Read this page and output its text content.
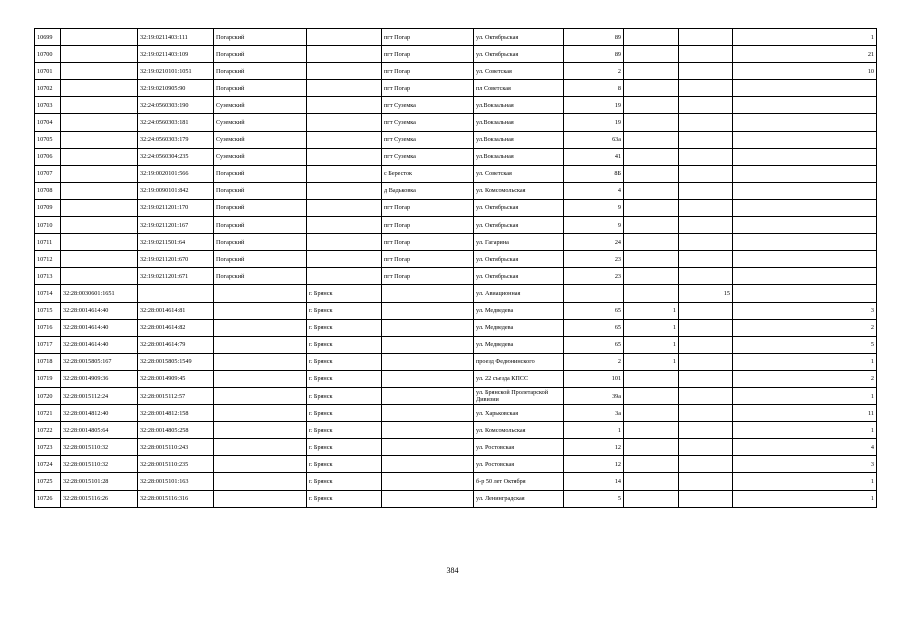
10699		32:19:0211403:111	Погарский		пгт Погар	ул. Октябрьская	89			1
10700		32:19:0211403:109	Погарский		пгт Погар	ул. Октябрьская	89			21
10701		32:19:0210101:1051	Погарский		пгт Погар	ул. Советская	2			10
10702		32:19:0210905:90	Погарский		пгт Погар	пл Советская	8			
10703		32:24:0560303:190	Суземский		пгт Суземка	ул.Вокзальная	19			
10704		32:24:0560303:181	Суземский		пгт Суземка	ул.Вокзальная	19			
10705		32:24:0560303:179	Суземский		пгт Суземка	ул.Вокзальная	63а			
10706		32:24:0560304:235	Суземский		пгт Суземка	ул.Вокзальная	41			
10707		32:19:0020101:566	Погарский		с Бересток	ул. Советская	8Б			
10708		32:19:0090101:842	Погарский		д Вадьковка	ул. Комсомольская	4			
10709		32:19:0211201:170	Погарский		пгт Погар	ул. Октябрьская	9			
10710		32:19:0211201:167	Погарский		пгт Погар	ул. Октябрьская	9			
10711		32:19:0211501:64	Погарский		пгт Погар	ул. Гагарина	24			
10712		32:19:0211201:670	Погарский		пгт Погар	ул. Октябрьская	23			
10713		32:19:0211201:671	Погарский		пгт Погар	ул. Октябрьская	23			
10714	32:28:0030601:1651			г. Брянск		ул. Авиационная			15	
10715	32:28:0014614:40	32:28:0014614:81		г. Брянск		ул. Медведева	65	1		3
10716	32:28:0014614:40	32:28:0014614:82		г. Брянск		ул. Медведева	65	1		2
10717	32:28:0014614:40	32:28:0014614:79		г. Брянск		ул. Медведева	65	1		5
10718	32:28:0015805:167	32:28:0015805:1549		г. Брянск		проезд Федюнинского	2	1		1
10719	32:28:0014909:36	32:28:0014909:45		г. Брянск		ул. 22 съезда КПСС	101			2
10720	32:28:0015112:24	32:28:0015112:57		г. Брянск		ул. Брянской Пролетарской Дивизии	39а			1
10721	32:28:0014812:40	32:28:0014812:158		г. Брянск		ул. Харьковская	3а			11
10722	32:28:0014805:64	32:28:0014805:258		г. Брянск		ул. Комсомольская	1			1
10723	32:28:0015110:32	32:28:0015110:243		г. Брянск		ул. Ростовская	12			4
10724	32:28:0015110:32	32:28:0015110:235		г. Брянск		ул. Ростовская	12			3
10725	32:28:0015101:28	32:28:0015101:163		г. Брянск		б-р 50 лет Октября	14			1
10726	32:28:0015116:26	32:28:0015116:316		г. Брянск		ул. Ленинградская	5			1
384
